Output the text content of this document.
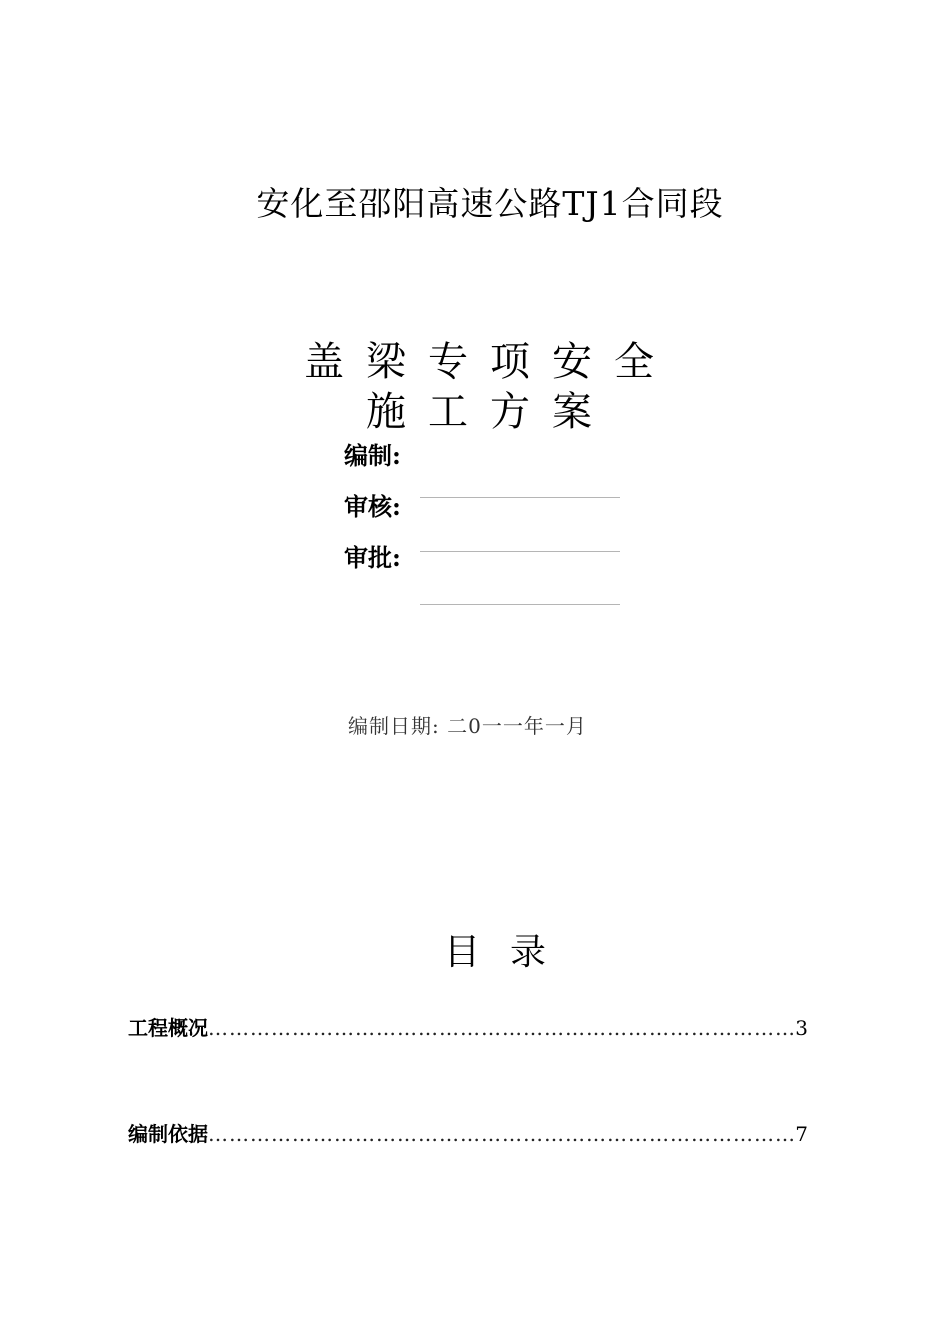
安化至邵阳高速公路TJ1合同段
盖梁专项安全
施工方案
编制:
审核:
审批:
编制日期: 二0一一年一月
目录
工程概况 ……………………………………………………………………………………………………………………………………………………	3
编制依据 ……………………………………………………………………………………………………………………………………………………	7
